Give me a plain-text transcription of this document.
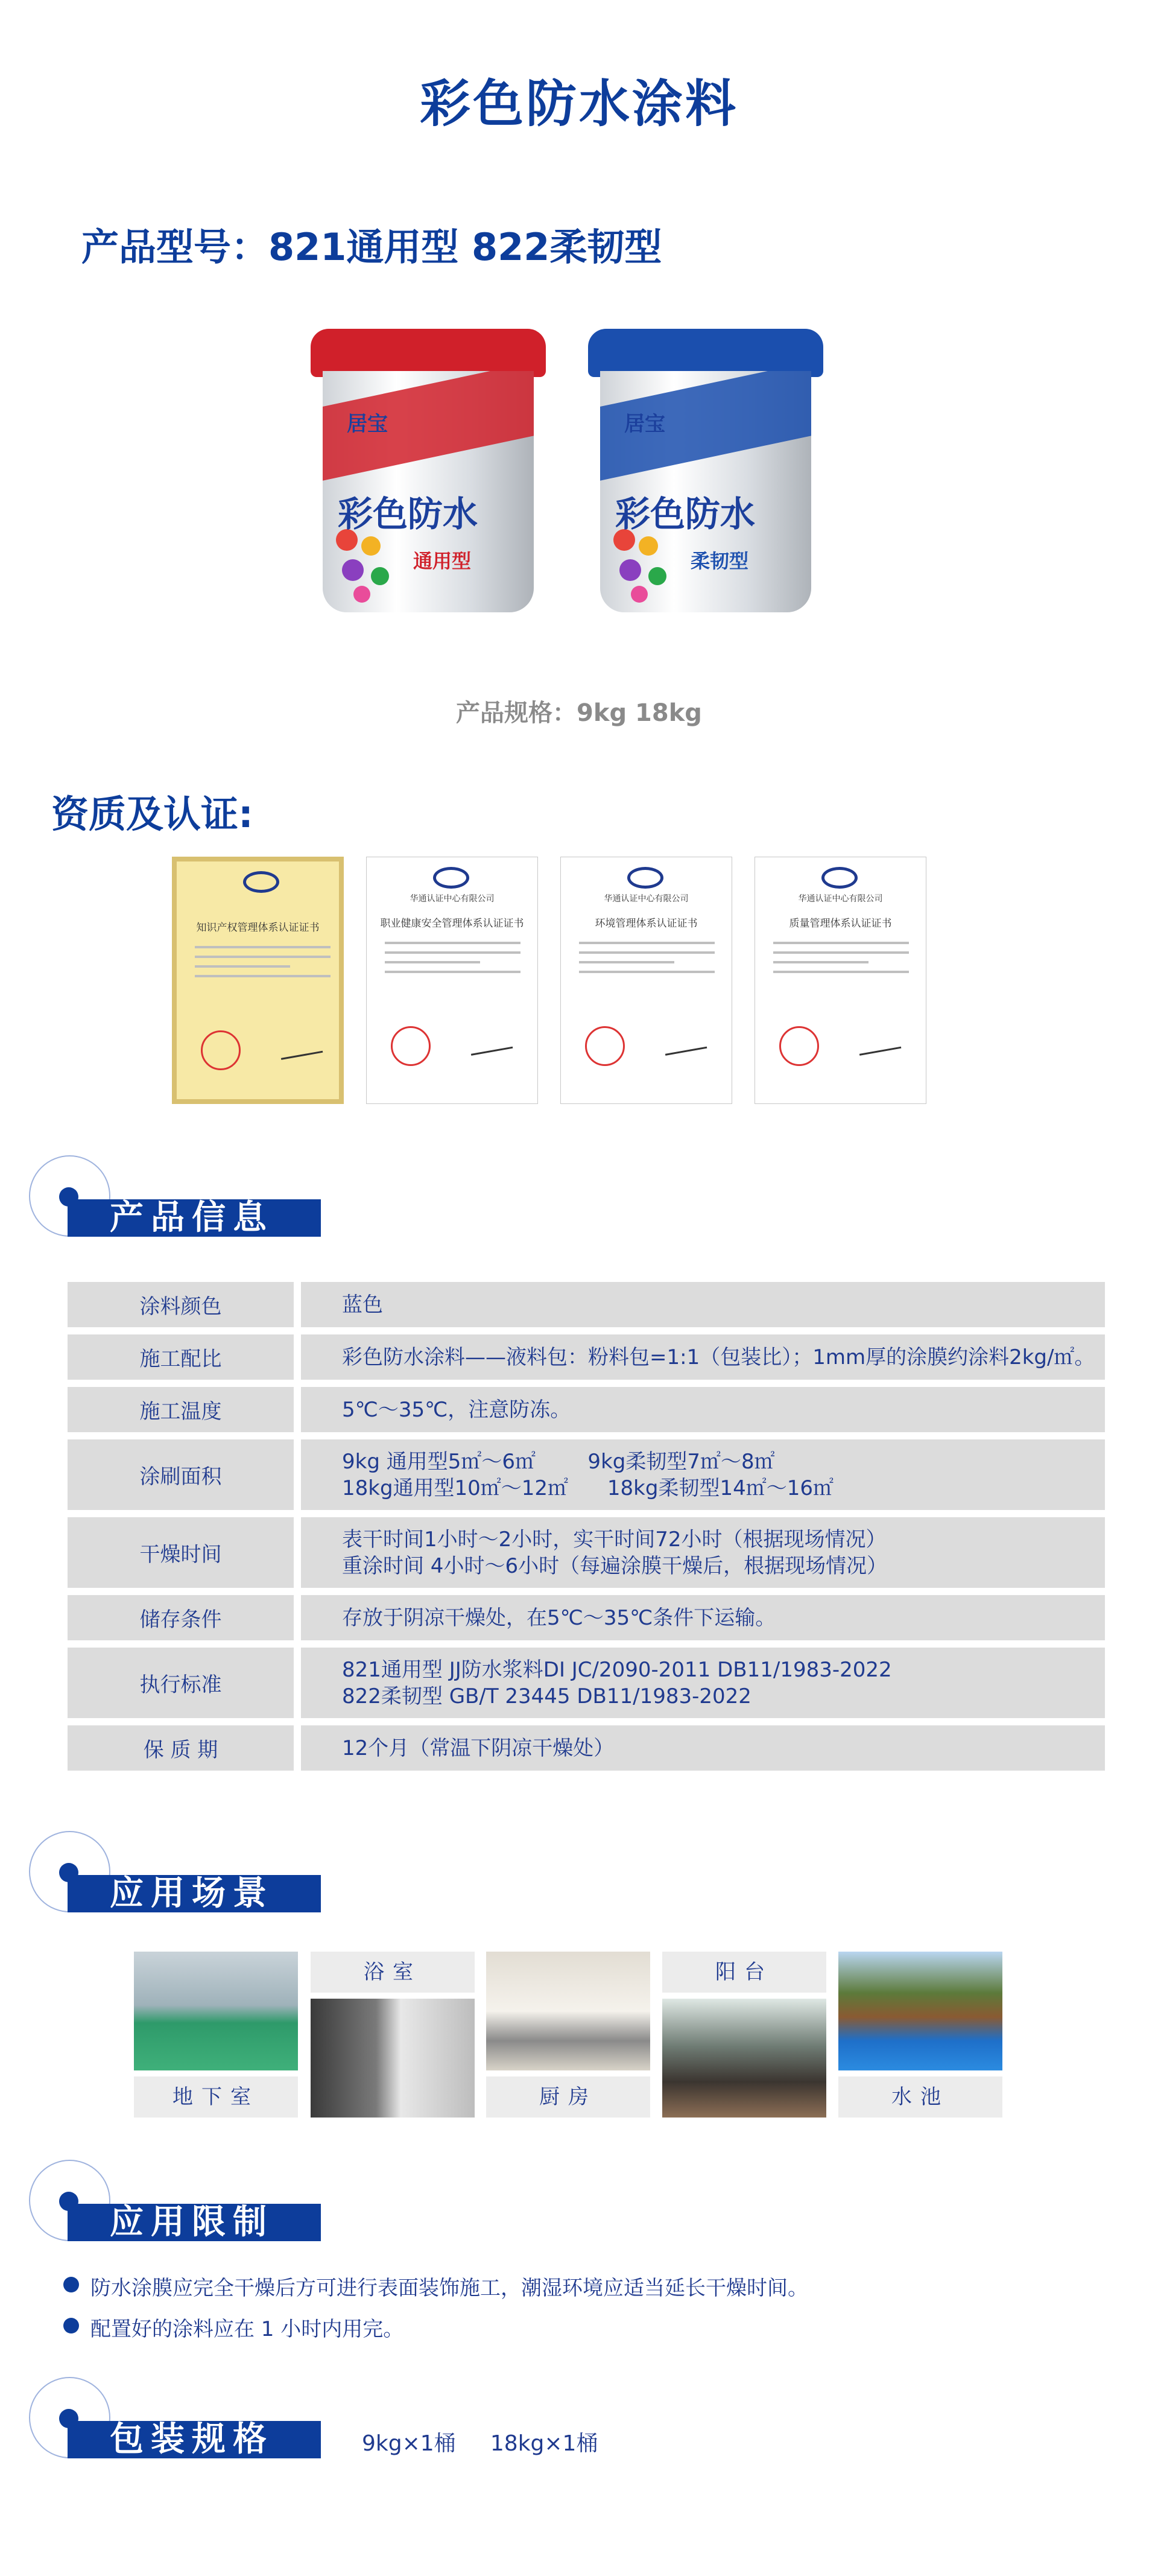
彩色防水涂料
产品型号：821通用型 822柔韧型
居宝
彩色防水
通用型
居宝
彩色防水
柔韧型
产品规格：9kg 18kg
资质及认证:
知识产权管理体系认证证书
华通认证中心有限公司
职业健康安全管理体系认证证书
华通认证中心有限公司
环境管理体系认证证书
华通认证中心有限公司
质量管理体系认证证书
产品信息
涂料颜色	蓝色
施工配比	彩色防水涂料——液料包：粉料包=1:1（包装比）；1mm厚的涂膜约涂料2kg/㎡。
施工温度	5℃～35℃，注意防冻。
涂刷面积
9kg 通用型5㎡～6㎡        9kg柔韧型7㎡～8㎡
18kg通用型10㎡～12㎡      18kg柔韧型14㎡～16㎡
干燥时间
表干时间1小时～2小时，实干时间72小时（根据现场情况）
重涂时间 4小时～6小时（每遍涂膜干燥后，根据现场情况）
储存条件	存放于阴凉干燥处，在5℃～35℃条件下运输。
执行标准
821通用型 JJ防水浆料DI JC/2090-2011 DB11/1983-2022
822柔韧型 GB/T 23445 DB11/1983-2022
保 质 期	12个月（常温下阴凉干燥处）
应用场景
地下室
浴室
厨房
阳台
水池
应用限制
防水涂膜应完全干燥后方可进行表面装饰施工，潮湿环境应适当延长干燥时间。
配置好的涂料应在 1 小时内用完。
包装规格	9kg×1桶     18kg×1桶
